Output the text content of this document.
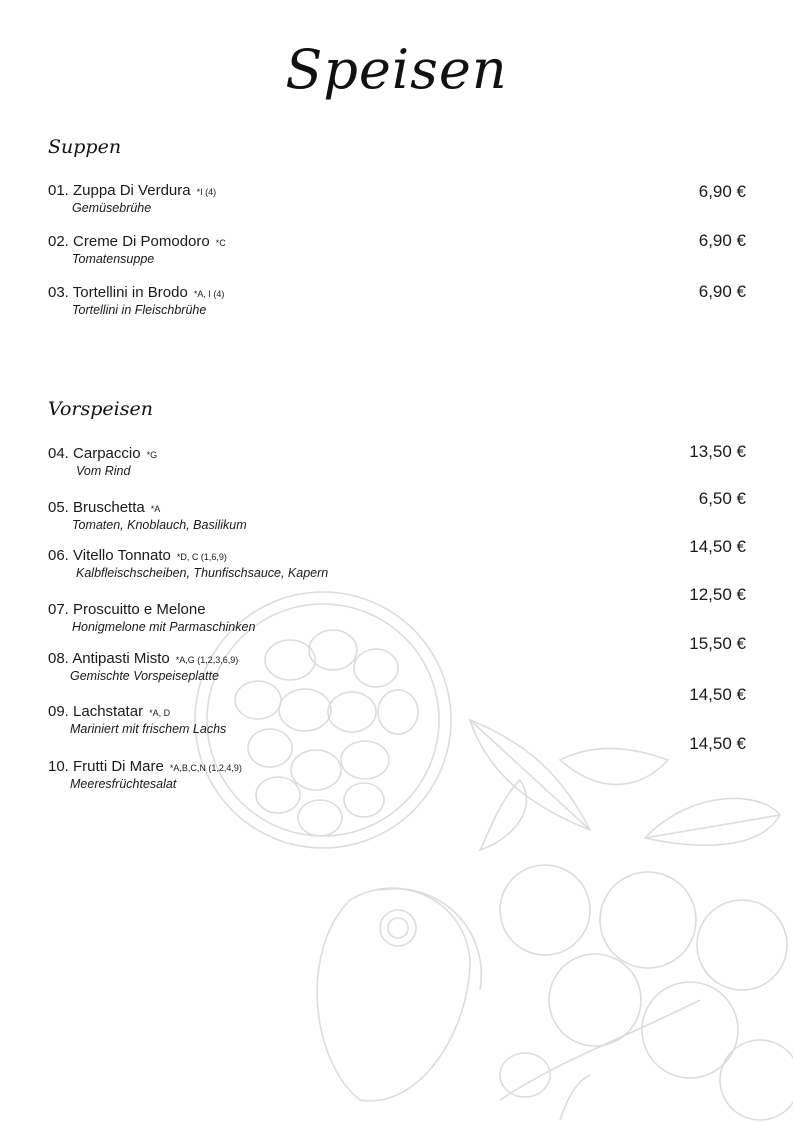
Speisen
Suppen
01. Zuppa Di Verdura *I (4)
Gemüsebrühe
6,90 €
02. Creme Di Pomodoro *C
Tomatensuppe
6,90 €
03. Tortellini in Brodo *A, I (4)
Tortellini in Fleischbrühe
6,90 €
Vorspeisen
04. Carpaccio *G
Vom Rind
13,50 €
05. Bruschetta *A
Tomaten, Knoblauch, Basilikum
6,50 €
06. Vitello Tonnato *D, C (1,6,9)
Kalbfleischscheiben, Thunfischsauce, Kapern
14,50 €
07. Proscuitto e Melone
Honigmelone mit Parmaschinken
12,50 €
08. Antipasti Misto *A,G (1,2,3,6,9)
Gemischte Vorspeiseplatte
15,50 €
09. Lachstatar *A, D
Mariniert mit frischem Lachs
14,50 €
10. Frutti Di Mare *A,B,C,N (1,2,4,9)
Meeresfrüchtesalat
14,50 €
